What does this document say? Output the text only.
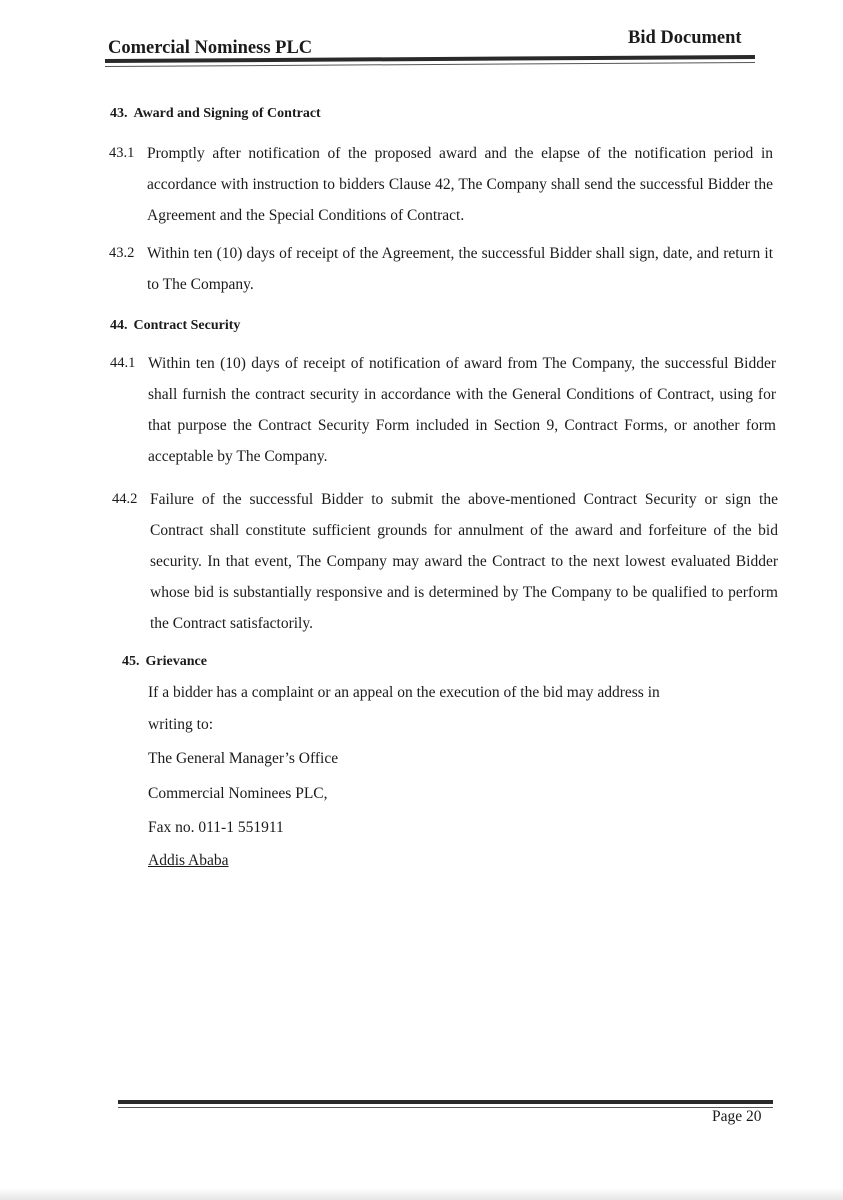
Comercial Nominess PLC	Bid Document
43. Award and Signing of Contract
43.1 Promptly after notification of the proposed award and the elapse of the notification period in accordance with instruction to bidders Clause 42, The Company shall send the successful Bidder the Agreement and the Special Conditions of Contract.
43.2 Within ten (10) days of receipt of the Agreement, the successful Bidder shall sign, date, and return it to The Company.
44. Contract Security
44.1 Within ten (10) days of receipt of notification of award from The Company, the successful Bidder shall furnish the contract security in accordance with the General Conditions of Contract, using for that purpose the Contract Security Form included in Section 9, Contract Forms, or another form acceptable by The Company.
44.2 Failure of the successful Bidder to submit the above-mentioned Contract Security or sign the Contract shall constitute sufficient grounds for annulment of the award and forfeiture of the bid security. In that event, The Company may award the Contract to the next lowest evaluated Bidder whose bid is substantially responsive and is determined by The Company to be qualified to perform the Contract satisfactorily.
45. Grievance
If a bidder has a complaint or an appeal on the execution of the bid may address in
writing to:
The General Manager’s Office
Commercial Nominees PLC,
Fax no. 011-1 551911
Addis Ababa
Page 20
